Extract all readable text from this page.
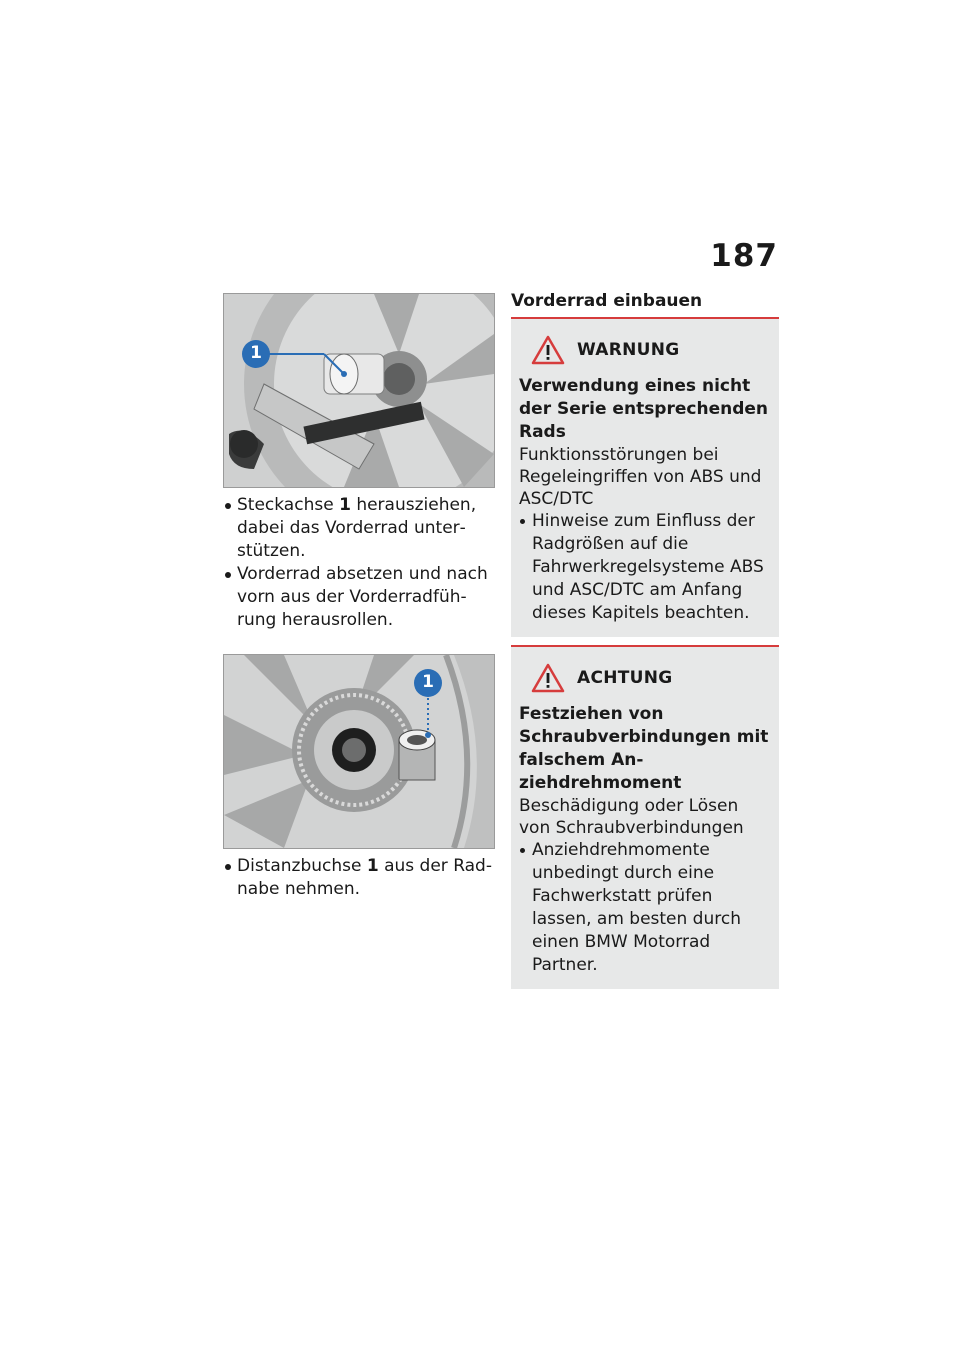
187
1
Steckachse 1 herausziehen, dabei das Vorderrad unterstützen.
Vorderrad absetzen und nach vorn aus der Vorderradführung herausrollen.
1
Distanzbuchse 1 aus der Radnabe nehmen.
Vorderrad einbauen
WARNUNG
Verwendung eines nicht der Serie entsprechenden Rads
Funktionsstörungen bei Regeleingriffen von ABS und ASC/DTC
Hinweise zum Einfluss der Radgrößen auf die Fahrwerkregelsysteme ABS und ASC/DTC am Anfang dieses Kapitels beachten.
ACHTUNG
Festziehen von Schraubverbindungen mit falschem Anziehdrehmoment
Beschädigung oder Lösen von Schraubverbindungen
Anziehdrehmomente unbedingt durch eine Fachwerkstatt prüfen lassen, am besten durch einen BMW Motorrad Partner.
